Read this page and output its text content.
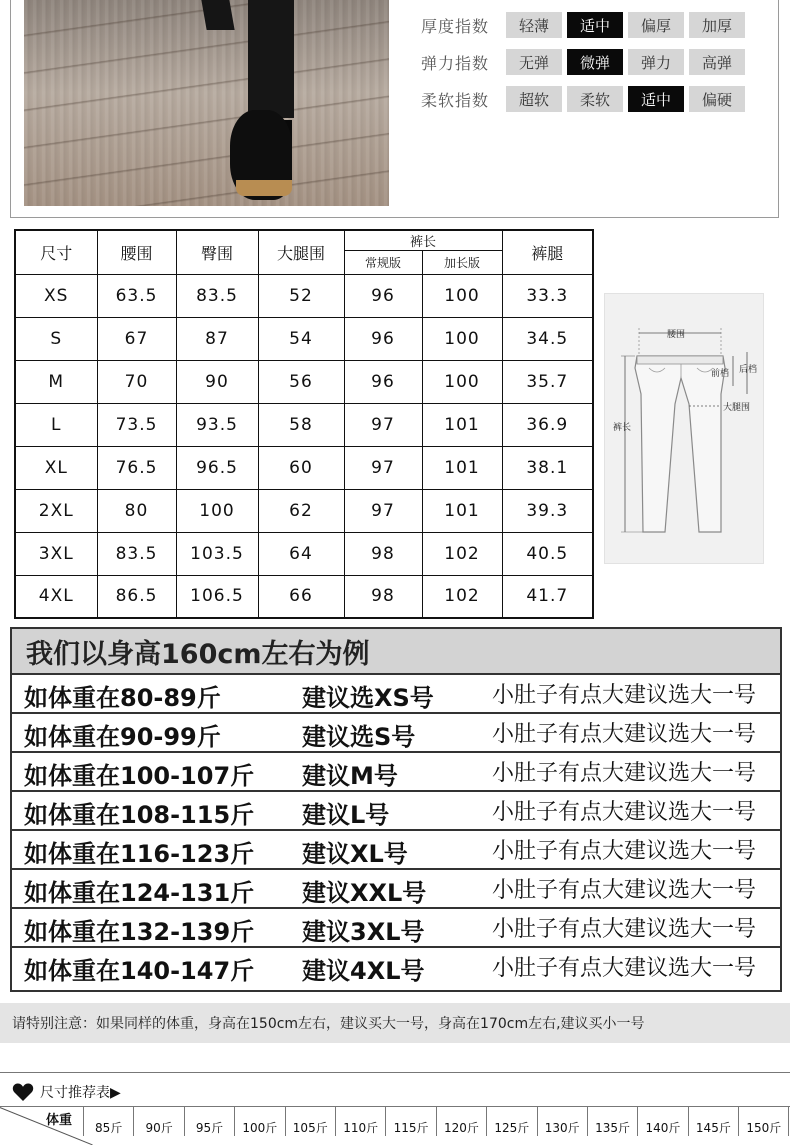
厚度指数	轻薄	适中	偏厚	加厚
弹力指数	无弹	微弹	弹力	高弹
柔软指数	超软	柔软	适中	偏硬
尺寸	腰围	臀围	大腿围	裤长		裤腿
				常规版	加长版	
XS	63.5	83.5	52	96	100	33.3
S	67	87	54	96	100	34.5
M	70	90	56	96	100	35.7
L	73.5	93.5	58	97	101	36.9
XL	76.5	96.5	60	97	101	38.1
2XL	80	100	62	97	101	39.3
3XL	83.5	103.5	64	98	102	40.5
4XL	86.5	106.5	66	98	102	41.7
腰围
前档 后档
大腿围
裤长
我们以身高160cm左右为例
如体重在80-89斤	建议选XS号	小肚子有点大建议选大一号
如体重在90-99斤	建议选S号	小肚子有点大建议选大一号
如体重在100-107斤 建议M号	小肚子有点大建议选大一号
如体重在108-115斤 建议L号	小肚子有点大建议选大一号
如体重在116-123斤 建议XL号	小肚子有点大建议选大一号
如体重在124-131斤 建议XXL号	小肚子有点大建议选大一号
如体重在132-139斤 建议3XL号	小肚子有点大建议选大一号
如体重在140-147斤 建议4XL号	小肚子有点大建议选大一号
请特别注意：如果同样的体重，身高在150cm左右，建议买大一号，身高在170cm左右,建议买小一号
尺寸推荐表▶
体重	85斤	90斤	95斤	100斤	105斤	110斤	115斤	120斤	125斤	130斤	135斤	140斤	145斤	150斤
